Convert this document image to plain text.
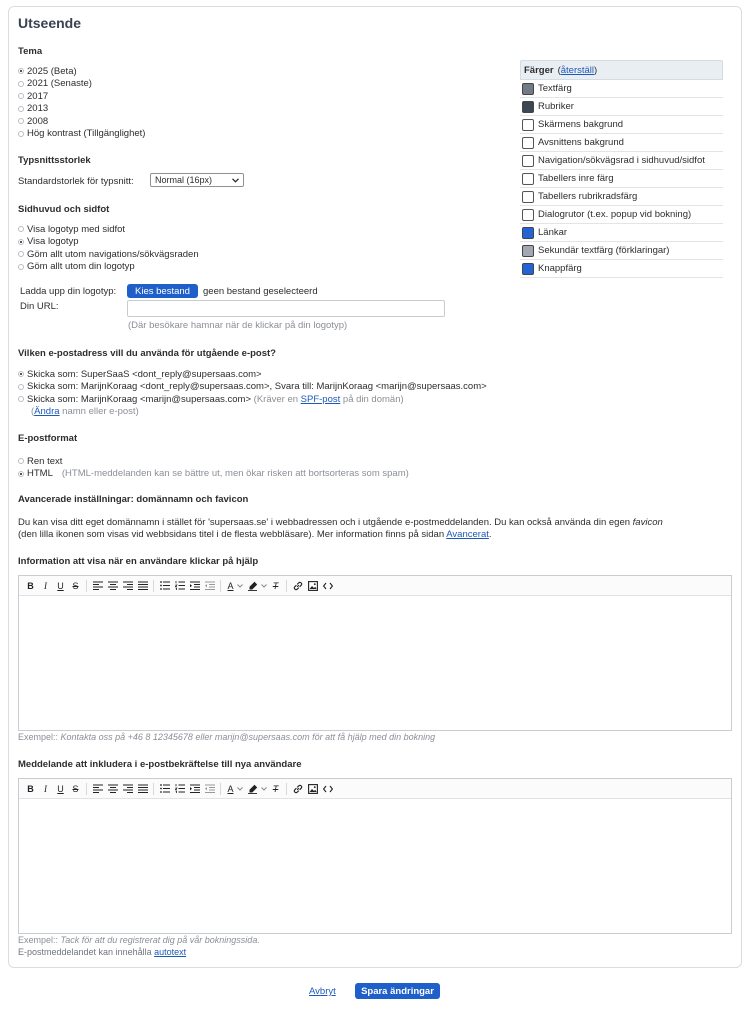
Utseende
Tema
2025 (Beta)
2021 (Senaste)
2017
2013
2008
Hög kontrast (Tillgänglighet)
Typsnittsstorlek
Standardstorlek för typsnitt: Normal (16px)
Sidhuvud och sidfot
Visa logotyp med sidfot
Visa logotyp
Göm allt utom navigations/sökvägsraden
Göm allt utom din logotyp
Ladda upp din logotyp:	Kies bestand	geen bestand geselecteerd
Din URL:
(Där besökare hamnar när de klickar på din logotyp)
Färger (återställ)
Textfärg
Rubriker
Skärmens bakgrund
Avsnittens bakgrund
Navigation/sökvägsrad i sidhuvud/sidfot
Tabellers inre färg
Tabellers rubrikradsfärg
Dialogrutor (t.ex. popup vid bokning)
Länkar
Sekundär textfärg (förklaringar)
Knappfärg
Vilken e-postadress vill du använda för utgående e-post?
Skicka som: SuperSaaS <dont_reply@supersaas.com>
Skicka som: MarijnKoraag <dont_reply@supersaas.com>, Svara till: MarijnKoraag <marijn@supersaas.com>
Skicka som: MarijnKoraag <marijn@supersaas.com>
(Kräver en
SPF-post
på din domän)
( Ändra
namn eller e-post)
E-postformat
Ren text
HTML (HTML-meddelanden kan se bättre ut, men ökar risken att bortsorteras som spam)
Avancerade inställningar: domännamn och favicon
Du kan visa ditt eget domännamn i stället för 'supersaas.se' i webbadressen och i utgående e-postmeddelanden. Du kan också använda din egen favicon
(den lilla ikonen som visas vid webbsidans titel i de flesta webbläsare). Mer information finns på sidan Avancerat.
Information att visa när en användare klickar på hjälp
B	I	U S	A	T
Exempel:: Kontakta oss på +46 8 12345678 eller marijn@supersaas.com för att få hjälp med din bokning
Meddelande att inkludera i e-postbekräftelse till nya användare
B	I	U S	A	T
Exempel:: Tack för att du registrerat dig på vår bokningssida.
E-postmeddelandet kan innehålla autotext
Avbryt	Spara ändringar
